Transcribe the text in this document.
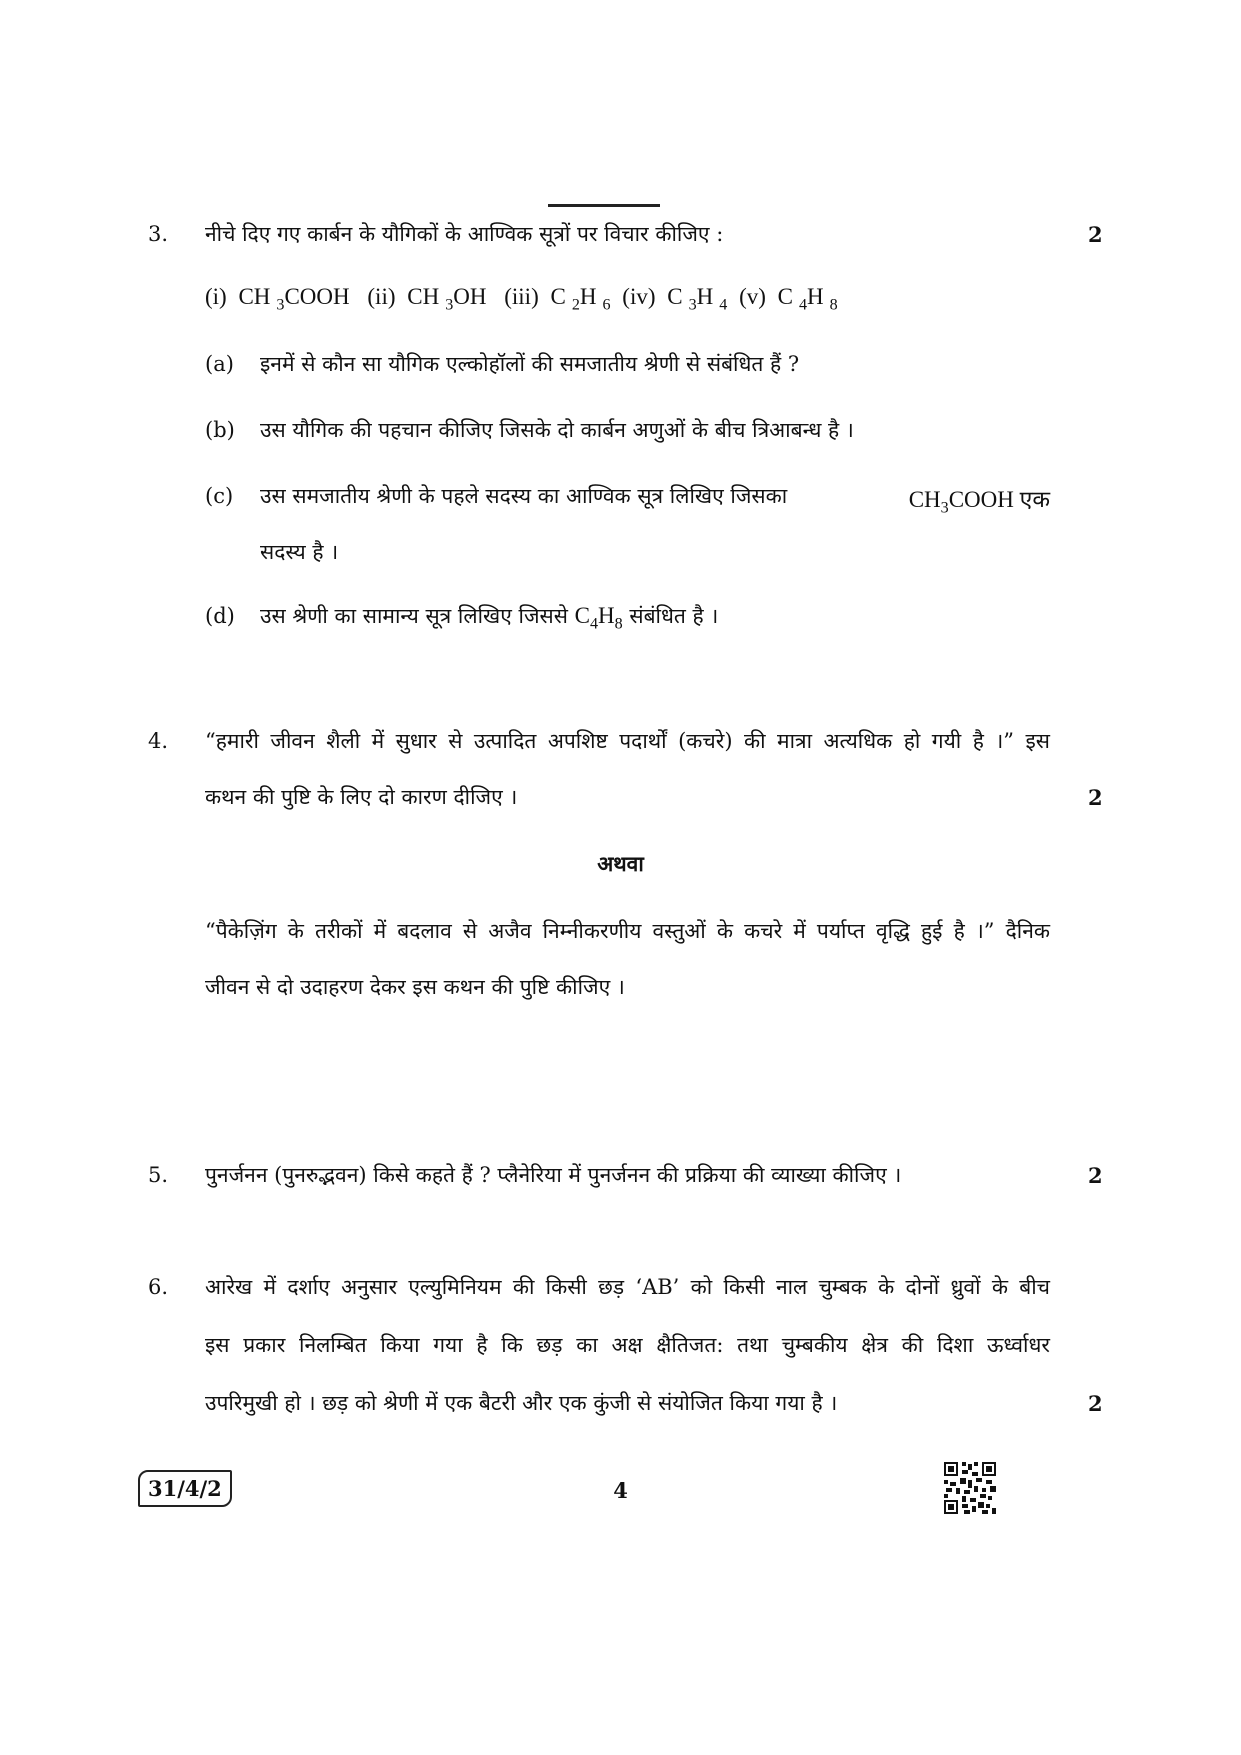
3. नीचे दिए गए कार्बन के यौगिकों के आण्विक सूत्रों पर विचार कीजिए :	2
(i) CH $_3$COOH (ii) CH $_3$OH (iii) C $_2$H $_6$ (iv) C $_3$H $_4$ (v) C $_4$H $_8$
(a) इनमें से कौन सा यौगिक एल्कोहॉलों की समजातीय श्रेणी से संबंधित हैं ?
(b) उस यौगिक की पहचान कीजिए जिसके दो कार्बन अणुओं के बीच त्रिआबन्ध है ।
(c) उस समजातीय श्रेणी के पहले सदस्य का आण्विक सूत्र लिखिए जिसका	$CH_3COOH$ एक
सदस्य है ।
(d) उस श्रेणी का सामान्य सूत्र लिखिए जिससे $C_4H_8$ संबंधित है ।
4. “हमारी जीवन शैली में सुधार से उत्पादित अपशिष्ट पदार्थों (कचरे) की मात्रा अत्यधिक हो गयी है ।” इस
कथन की पुष्टि के लिए दो कारण दीजिए ।	2
अथवा
“पैकेज़िंग के तरीकों में बदलाव से अजैव निम्नीकरणीय वस्तुओं के कचरे में पर्याप्त वृद्धि हुई है ।” दैनिक
जीवन से दो उदाहरण देकर इस कथन की पुष्टि कीजिए ।
5. पुनर्जनन (पुनरुद्भवन) किसे कहते हैं ? प्लैनेरिया में पुनर्जनन की प्रक्रिया की व्याख्या कीजिए ।	2
6. आरेख में दर्शाए अनुसार एल्युमिनियम की किसी छड़ ‘AB’ को किसी नाल चुम्बक के दोनों ध्रुवों के बीच
इस प्रकार निलम्बित किया गया है कि छड़ का अक्ष क्षैतिजत: तथा चुम्बकीय क्षेत्र की दिशा ऊर्ध्वाधर
उपरिमुखी हो । छड़ को श्रेणी में एक बैटरी और एक कुंजी से संयोजित किया गया है ।	2
31/4/2	4
